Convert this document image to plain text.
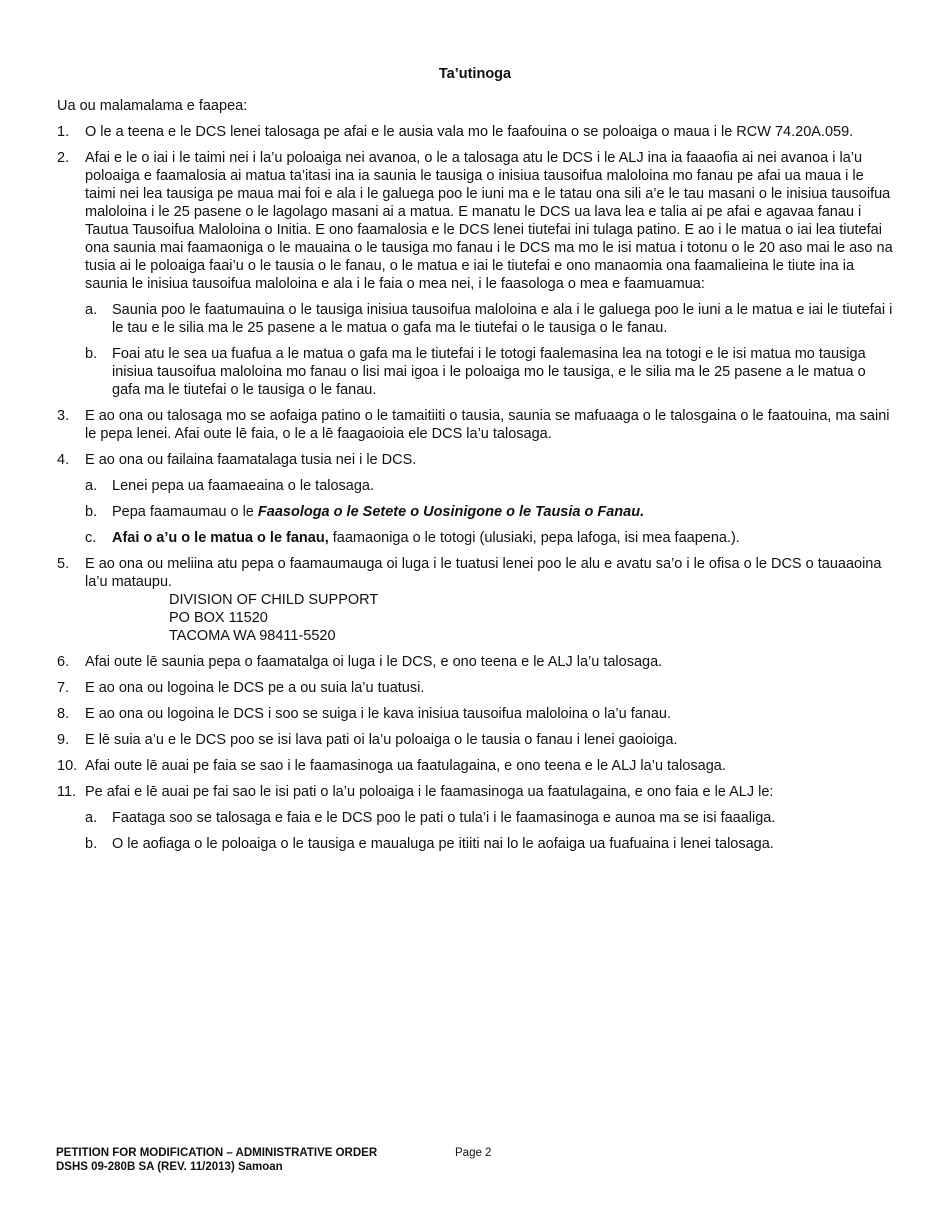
Ta’utinoga

Ua ou malamalama e faapea:

1. O le a teena e le DCS lenei talosaga pe afai e le ausia vala mo le faafouina o se poloaiga o maua i le RCW 74.20A.059.
2. Afai e le o iai i le taimi nei i la’u poloaiga nei avanoa, o le a talosaga atu le DCS i le ALJ ina ia faaaofia ai nei avanoa i la’u poloaiga e faamalosia ai matua ta’itasi ina ia saunia le tausiga o inisiua tausoifua maloloina mo fanau pe afai ua maua i le taimi nei lea tausiga pe maua mai foi e ala i le galuega poo le iuni ma e le tatau ona sili a’e le tau masani o le inisiua tausoifua maloloina i le 25 pasene o le lagolago masani ai a matua. E manatu le DCS ua lava lea e talia ai pe afai e agavaa fanau i Tautua Tausoifua Maloloina o Initia. E ono faamalosia e le DCS lenei tiutefai ini tulaga patino. E ao i le matua o iai lea tiutefai ona saunia mai faamaoniga o le mauaina o le tausiga mo fanau i le DCS ma mo le isi matua i totonu o le 20 aso mai le aso na tusia ai le poloaiga faai’u o le tausia o le fanau, o le matua e iai le tiutefai e ono manaomia ona faamalieina le tiute ina ia saunia le inisiua tausoifua maloloina e ala i le faia o mea nei, i le faasologa o mea e faamuamua:
a. Saunia poo le faatumauina o le tausiga inisiua tausoifua maloloina e ala i le galuega poo le iuni a le matua e iai le tiutefai i le tau e le silia ma le 25 pasene a le matua o gafa ma le tiutefai o le tausiga o le fanau.
b. Foai atu le sea ua fuafua a le matua o gafa ma le tiutefai i le totogi faalemasina lea na totogi e le isi matua mo tausiga inisiua tausoifua maloloina mo fanau o lisi mai igoa i le poloaiga mo le tausiga, e le silia ma le 25 pasene a le matua o gafa ma le tiutefai o le tausiga o le fanau.
3. E ao ona ou talosaga mo se aofaiga patino o le tamaitiiti o tausia, saunia se mafuaaga o le talosgaina o le faatouina, ma saini le pepa lenei. Afai oute lē faia, o le a lē faagaoioia ele DCS la’u talosaga.
4. E ao ona ou failaina faamatalaga tusia nei i le DCS.
a. Lenei pepa ua faamaeaina o le talosaga.
b. Pepa faamaumau o le Faasologa o le Setete o Uosinigone o le Tausia o Fanau.
c. Afai o a’u o le matua o le fanau, faamaoniga o le totogi (ulusiaki, pepa lafoga, isi mea faapena.).
5. E ao ona ou meliina atu pepa o faamaumauga oi luga i le tuatusi lenei poo le alu e avatu sa’o i le ofisa o le DCS o tauaaoina la’u mataupu.
DIVISION OF CHILD SUPPORT
PO BOX 11520
TACOMA WA 98411-5520
6. Afai oute lē saunia pepa o faamatalga oi luga i le DCS, e ono teena e le ALJ la’u talosaga.
7. E ao ona ou logoina le DCS pe a ou suia la’u tuatusi.
8. E ao ona ou logoina le DCS i soo se suiga i le kava inisiua tausoifua maloloina o la’u fanau.
9. E lē suia a’u e le DCS poo se isi lava pati oi la’u poloaiga o le tausia o fanau i lenei gaoioiga.
10. Afai oute lē auai pe faia se sao i le faamasinoga ua faatulagaina, e ono teena e le ALJ la’u talosaga.
11. Pe afai e lē auai pe fai sao le isi pati o la’u poloaiga i le faamasinoga ua faatulagaina, e ono faia e le ALJ le:
a. Faataga soo se talosaga e faia e le DCS poo le pati o tula’i i le faamasinoga e aunoa ma se isi faaaliga.
b. O le aofiaga o le poloaiga o le tausiga e maualuga pe itiiti nai lo le aofaiga ua fuafuaina i lenei talosaga.
PETITION FOR MODIFICATION – ADMINISTRATIVE ORDER
DSHS 09-280B SA (REV. 11/2013) Samoan
Page 2
